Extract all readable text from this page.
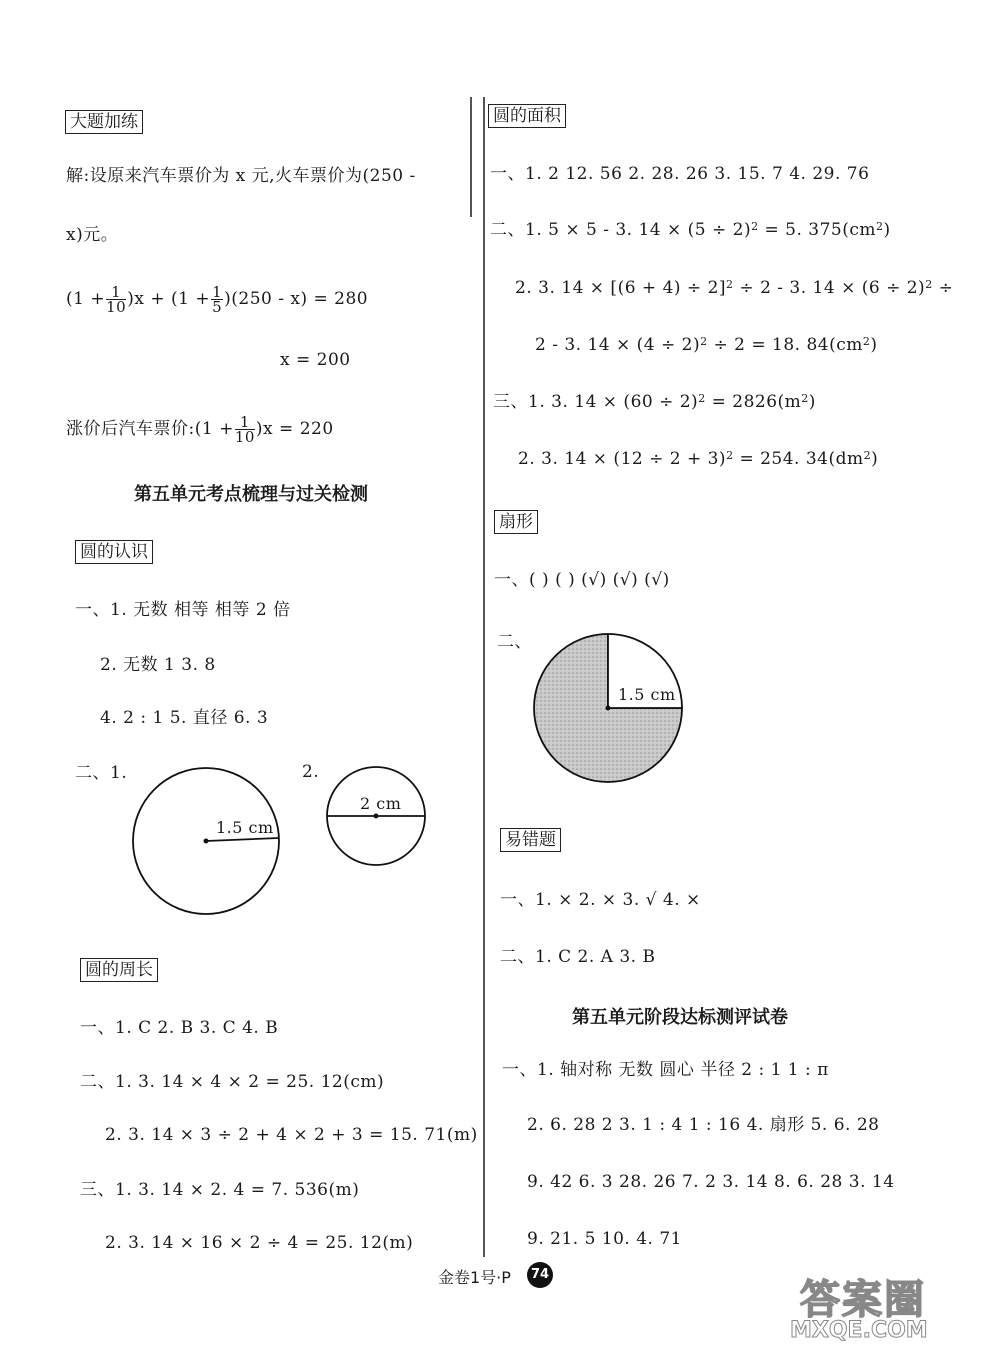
大题加练
解:设原来汽车票价为 x 元,火车票价为(250 -
x)元。
$(1 + \frac{1}{10} )x + (1 + \frac{1}{5} )(250 - x) = 280$
x = 200
涨价后汽车票价:(1 + $\frac{1}{10} )x = 220$
第五单元考点梳理与过关检测
圆的认识
一、1. 无数 相等 相等 2 倍
2. 无数 1 3. 8
4. 2 : 1 5. 直径 6. 3
二、1.	2.
1.5 cm
2 cm
圆的周长
一、1. C 2. B 3. C 4. B
二、1. 3. 14 × 4 × 2 = 25. 12(cm)
2. 3. 14 × 3 ÷ 2 + 4 × 2 + 3 = 15. 71(m)
三、1. 3. 14 × 2. 4 = 7. 536(m)
2. 3. 14 × 16 × 2 ÷ 4 = 25. 12(m)
圆的面积
一、1. 2 12. 56 2. 28. 26 3. 15. 7 4. 29. 76
二、1. 5 × 5 - 3. $14 \times (5 \div 2)^2 = 5$. $375(cm^2)$
2. 3. $14 \times [(6 + 4) \div 2]^2 \div 2 - 3$. $14 \times (6 \div 2)^2$ ÷
2 - 3. $14 \times (4 \div 2)^2 \div 2 = 18$. $84(cm^2)$
三、1. 3. $14 \times (60 \div 2)^2 = 2826(m^2)$
2. 3. $14 \times (12 \div 2 + 3)^2 = 254$. $34(dm^2)$
扇形
一、( ) ( ) (√) (√) (√)
二、
1.5 cm
易错题
一、1. × 2. × 3. √ 4. ×
二、1. C 2. A 3. B
第五单元阶段达标测评试卷
一、1. 轴对称 无数 圆心 半径 2 : 1 1 : π
2. 6. 28 2 3. 1 : 4 1 : 16 4. 扇形 5. 6. 28
9. 42 6. 3 28. 26 7. 2 3. 14 8. 6. 28 3. 14
9. 21. 5 10. 4. 71
金卷1号·P	74
答案圈
MXQE.COM
